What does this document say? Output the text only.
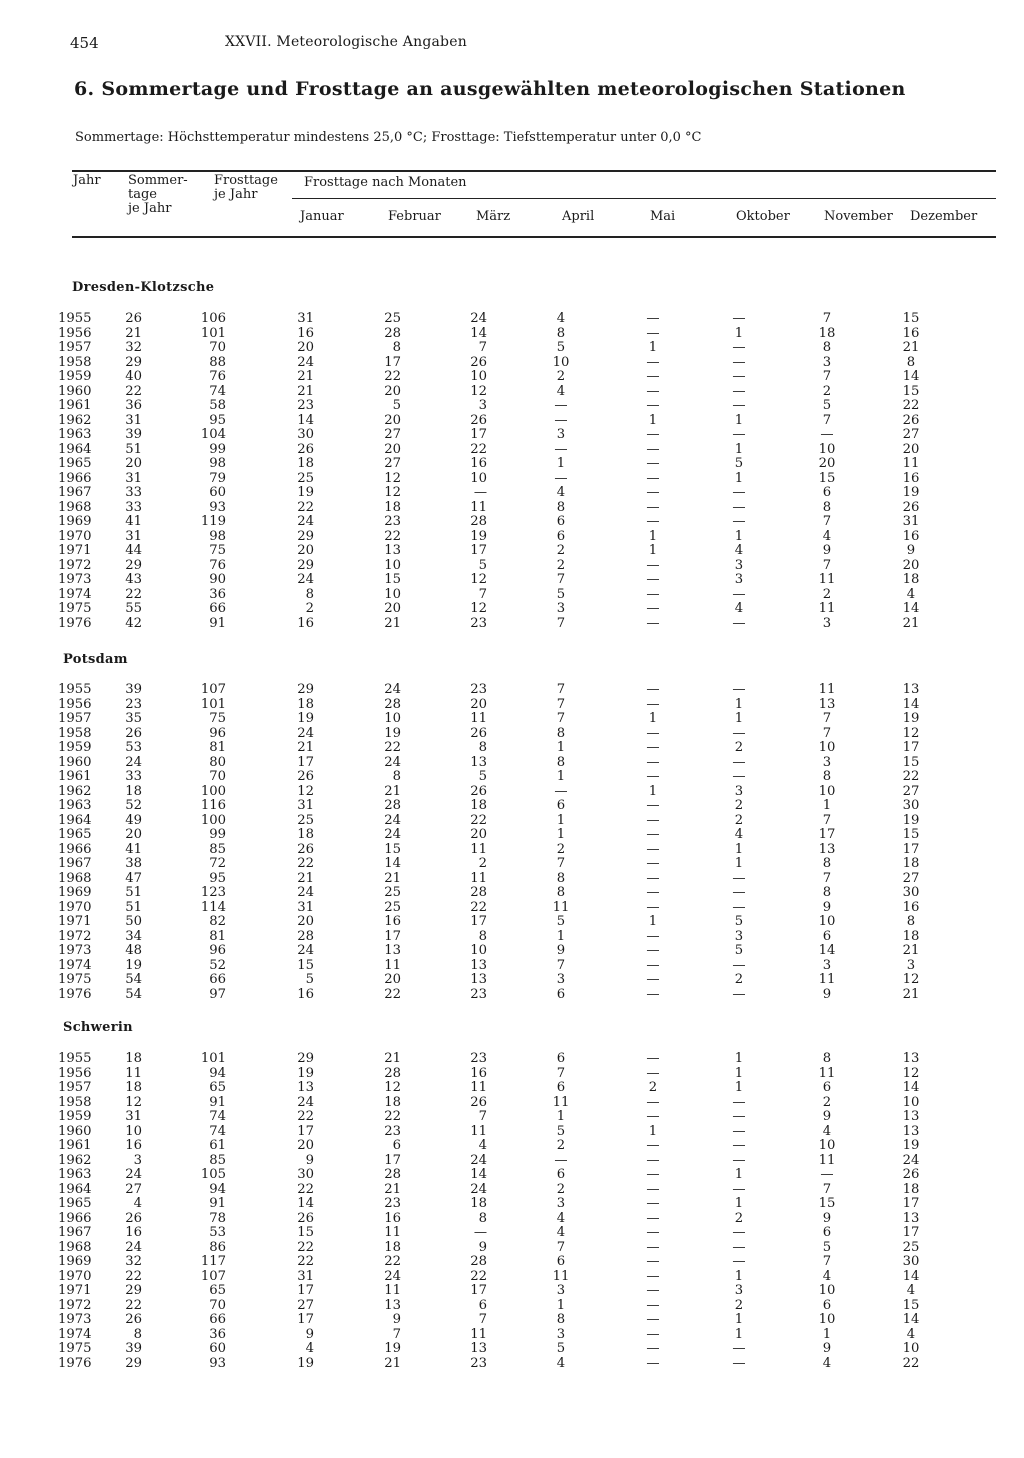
454	XXVII. Meteorologische Angaben
6. Sommertage und Frosttage an ausgewählten meteorologischen Stationen
Sommertage: Höchsttemperatur mindestens 25,0 °C; Frosttage: Tiefsttemperatur unter 0,0 °C
Jahr Sommer-
tage
je Jahr
Frosttage
je Jahr
Frosttage nach Monaten
Januar	Februar	März	April	Mai	Oktober	November Dezember
Dresden-Klotzsche
1955	26	106	31	25	24	4	—	—	7	15
1956	21	101	16	28	14	8	—	1	18	16
1957	32	70	20	8	7	5	1	—	8	21
1958	29	88	24	17	26	10	—	—	3	8
1959	40	76	21	22	10	2	—	—	7	14
1960	22	74	21	20	12	4	—	—	2	15
1961	36	58	23	5	3	—	—	—	5	22
1962	31	95	14	20	26	—	1	1	7	26
1963	39	104	30	27	17	3	—	—	—	27
1964	51	99	26	20	22	—	—	1	10	20
1965	20	98	18	27	16	1	—	5	20	11
1966	31	79	25	12	10	—	—	1	15	16
1967	33	60	19	12	—	4	—	—	6	19
1968	33	93	22	18	11	8	—	—	8	26
1969	41	119	24	23	28	6	—	—	7	31
1970	31	98	29	22	19	6	1	1	4	16
1971	44	75	20	13	17	2	1	4	9	9
1972	29	76	29	10	5	2	—	3	7	20
1973	43	90	24	15	12	7	—	3	11	18
1974	22	36	8	10	7	5	—	—	2	4
1975	55	66	2	20	12	3	—	4	11	14
1976	42	91	16	21	23	7	—	—	3	21
Potsdam
1955	39	107	29	24	23	7	—	—	11	13
1956	23	101	18	28	20	7	—	1	13	14
1957	35	75	19	10	11	7	1	1	7	19
1958	26	96	24	19	26	8	—	—	7	12
1959	53	81	21	22	8	1	—	2	10	17
1960	24	80	17	24	13	8	—	—	3	15
1961	33	70	26	8	5	1	—	—	8	22
1962	18	100	12	21	26	—	1	3	10	27
1963	52	116	31	28	18	6	—	2	1	30
1964	49	100	25	24	22	1	—	2	7	19
1965	20	99	18	24	20	1	—	4	17	15
1966	41	85	26	15	11	2	—	1	13	17
1967	38	72	22	14	2	7	—	1	8	18
1968	47	95	21	21	11	8	—	—	7	27
1969	51	123	24	25	28	8	—	—	8	30
1970	51	114	31	25	22	11	—	—	9	16
1971	50	82	20	16	17	5	1	5	10	8
1972	34	81	28	17	8	1	—	3	6	18
1973	48	96	24	13	10	9	—	5	14	21
1974	19	52	15	11	13	7	—	—	3	3
1975	54	66	5	20	13	3	—	2	11	12
1976	54	97	16	22	23	6	—	—	9	21
Schwerin
1955	18	101	29	21	23	6	—	1	8	13
1956	11	94	19	28	16	7	—	1	11	12
1957	18	65	13	12	11	6	2	1	6	14
1958	12	91	24	18	26	11	—	—	2	10
1959	31	74	22	22	7	1	—	—	9	13
1960	10	74	17	23	11	5	1	—	4	13
1961	16	61	20	6	4	2	—	—	10	19
1962	3	85	9	17	24	—	—	—	11	24
1963	24	105	30	28	14	6	—	1	—	26
1964	27	94	22	21	24	2	—	—	7	18
1965	4	91	14	23	18	3	—	1	15	17
1966	26	78	26	16	8	4	—	2	9	13
1967	16	53	15	11	—	4	—	—	6	17
1968	24	86	22	18	9	7	—	—	5	25
1969	32	117	22	22	28	6	—	—	7	30
1970	22	107	31	24	22	11	—	1	4	14
1971	29	65	17	11	17	3	—	3	10	4
1972	22	70	27	13	6	1	—	2	6	15
1973	26	66	17	9	7	8	—	1	10	14
1974	8	36	9	7	11	3	—	1	1	4
1975	39	60	4	19	13	5	—	—	9	10
1976	29	93	19	21	23	4	—	—	4	22
